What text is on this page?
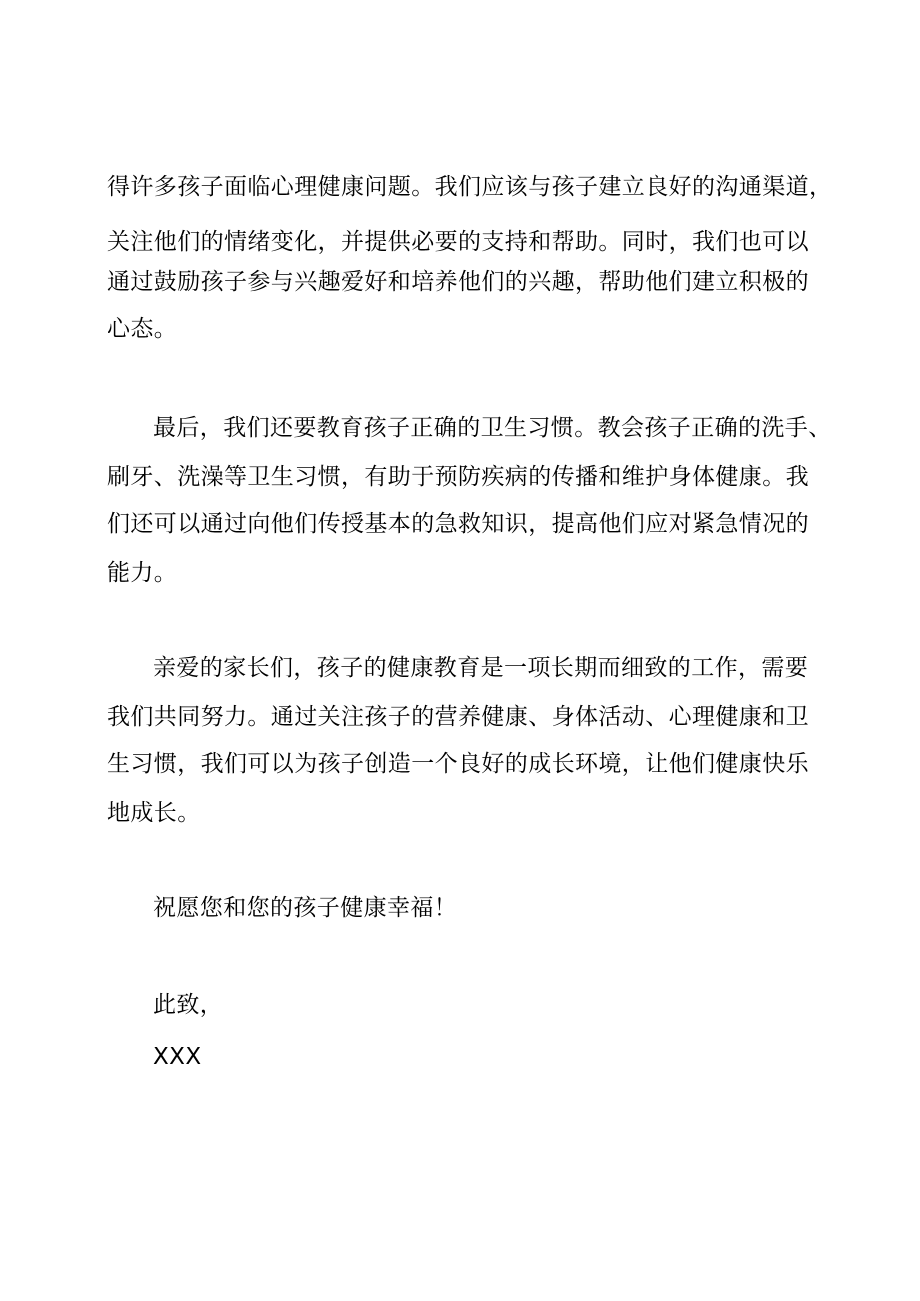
得许多孩子面临心理健康问题。我们应该与孩子建立良好的沟通渠道，
关注他们的情绪变化，并提供必要的支持和帮助。同时，我们也可以
通过鼓励孩子参与兴趣爱好和培养他们的兴趣，帮助他们建立积极的
心态。
最后，我们还要教育孩子正确的卫生习惯。教会孩子正确的洗手、
刷牙、洗澡等卫生习惯，有助于预防疾病的传播和维护身体健康。我
们还可以通过向他们传授基本的急救知识，提高他们应对紧急情况的
能力。
亲爱的家长们，孩子的健康教育是一项长期而细致的工作，需要
我们共同努力。通过关注孩子的营养健康、身体活动、心理健康和卫
生习惯，我们可以为孩子创造一个良好的成长环境，让他们健康快乐
地成长。
祝愿您和您的孩子健康幸福！
此致，
XXX
